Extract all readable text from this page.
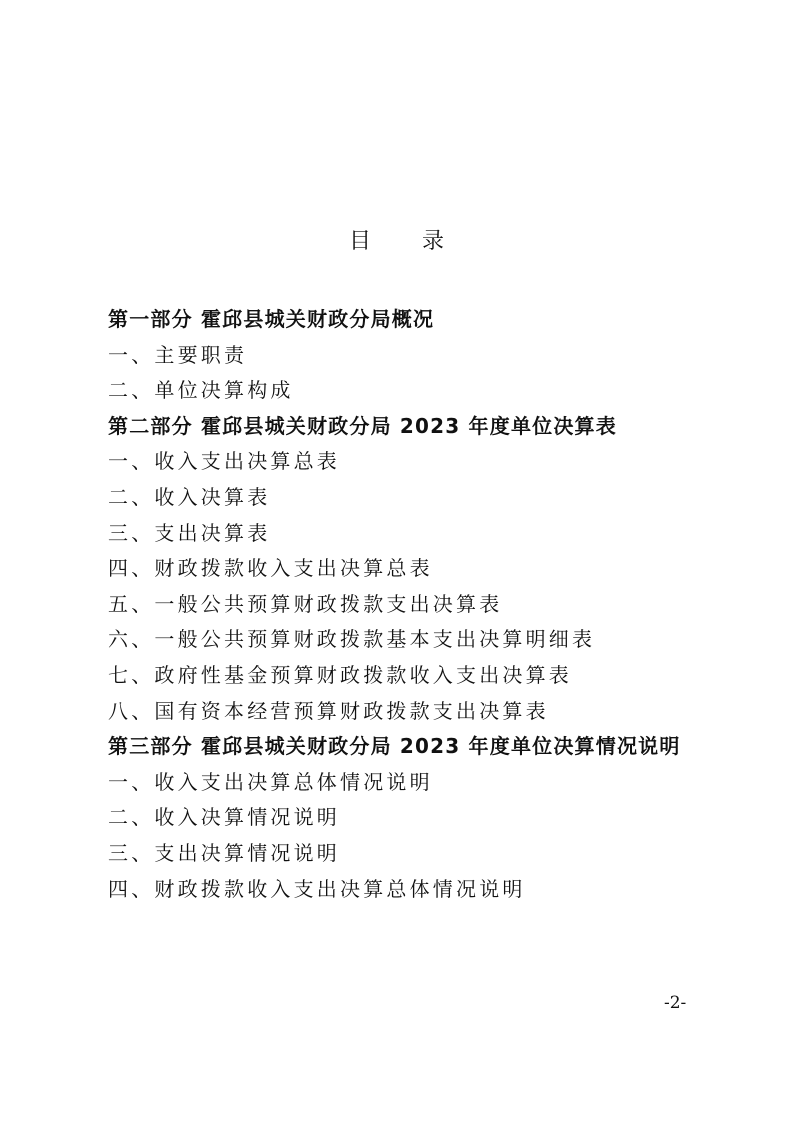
目 录
第一部分 霍邱县城关财政分局概况
一、主要职责
二、单位决算构成
第二部分 霍邱县城关财政分局 2023 年度单位决算表
一、收入支出决算总表
二、收入决算表
三、支出决算表
四、财政拨款收入支出决算总表
五、一般公共预算财政拨款支出决算表
六、一般公共预算财政拨款基本支出决算明细表
七、政府性基金预算财政拨款收入支出决算表
八、国有资本经营预算财政拨款支出决算表
第三部分 霍邱县城关财政分局 2023 年度单位决算情况说明
一、收入支出决算总体情况说明
二、收入决算情况说明
三、支出决算情况说明
四、财政拨款收入支出决算总体情况说明
-2-
